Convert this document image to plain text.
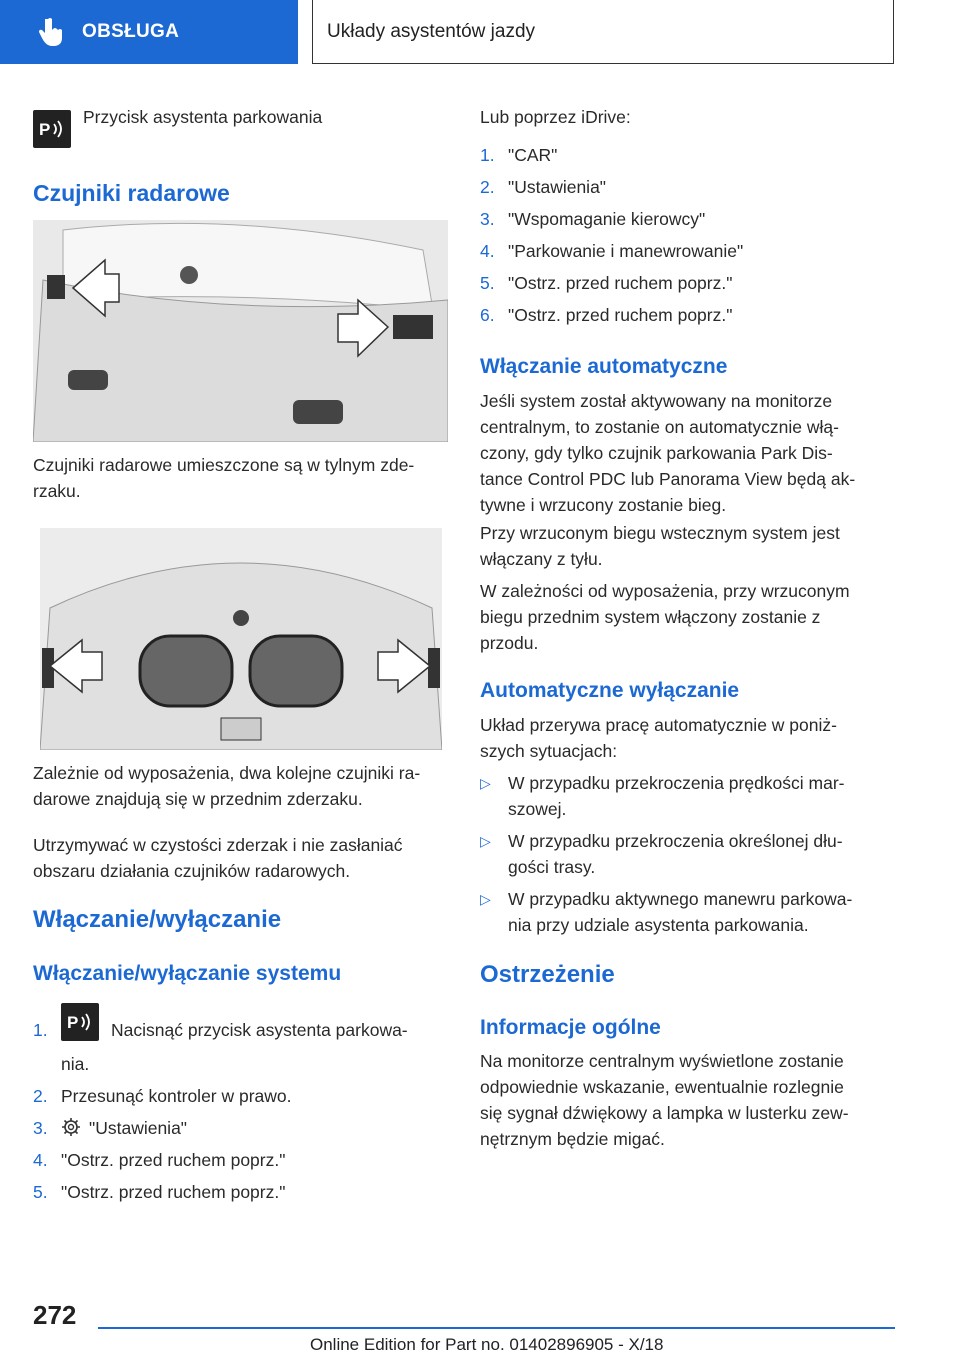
OBSŁUGA	Układy asystentów jazdy
P

Przycisk asystenta parkowania

Czujniki radarowe

Czujniki radarowe umieszczone są w tylnym zde-rzaku.

Zależnie od wyposażenia, dwa kolejne czujniki ra-darowe znajdują się w przednim zderzaku.

Utrzymywać w czystości zderzak i nie zasłaniać obszaru działania czujników radarowych.

Włączanie/wyłączanie
Włączanie/wyłączanie systemu
1.	P Nacisnąć przycisk asystenta parkowa-
nia.
2. Przesunąć kontroler w prawo.
3.	"Ustawienia"
4. "Ostrz. przed ruchem poprz."
5. "Ostrz. przed ruchem poprz."

Lub poprzez iDrive:

1. "CAR"
2. "Ustawienia"
3. "Wspomaganie kierowcy"
4. "Parkowanie i manewrowanie"
5. "Ostrz. przed ruchem poprz."
6. "Ostrz. przed ruchem poprz."
Włączanie automatyczne

Jeśli system został aktywowany na monitorze

centralnym, to zostanie on automatycznie włą-

czony, gdy tylko czujnik parkowania Park Dis-

tance Control PDC lub Panorama View będą ak-

tywne i wrzucony zostanie bieg.

Przy wrzuconym biegu wstecznym system jest

włączany z tyłu.

W zależności od wyposażenia, przy wrzuconym

biegu przednim system włączony zostanie z

przodu.

Automatyczne wyłączanie

Układ przerywa pracę automatycznie w poniż-

szych sytuacjach:

▷ W przypadku przekroczenia prędkości mar-
szowej.
▷ W przypadku przekroczenia określonej dłu-
gości trasy.
▷ W przypadku aktywnego manewru parkowa-
nia przy udziale asystenta parkowania.
Ostrzeżenie
Informacje ogólne

Na monitorze centralnym wyświetlone zostanie

odpowiednie wskazanie, ewentualnie rozlegnie

się sygnał dźwiękowy a lampka w lusterku zew-

nętrznym będzie migać.

272
Online Edition for Part no. 01402896905 - X/18
